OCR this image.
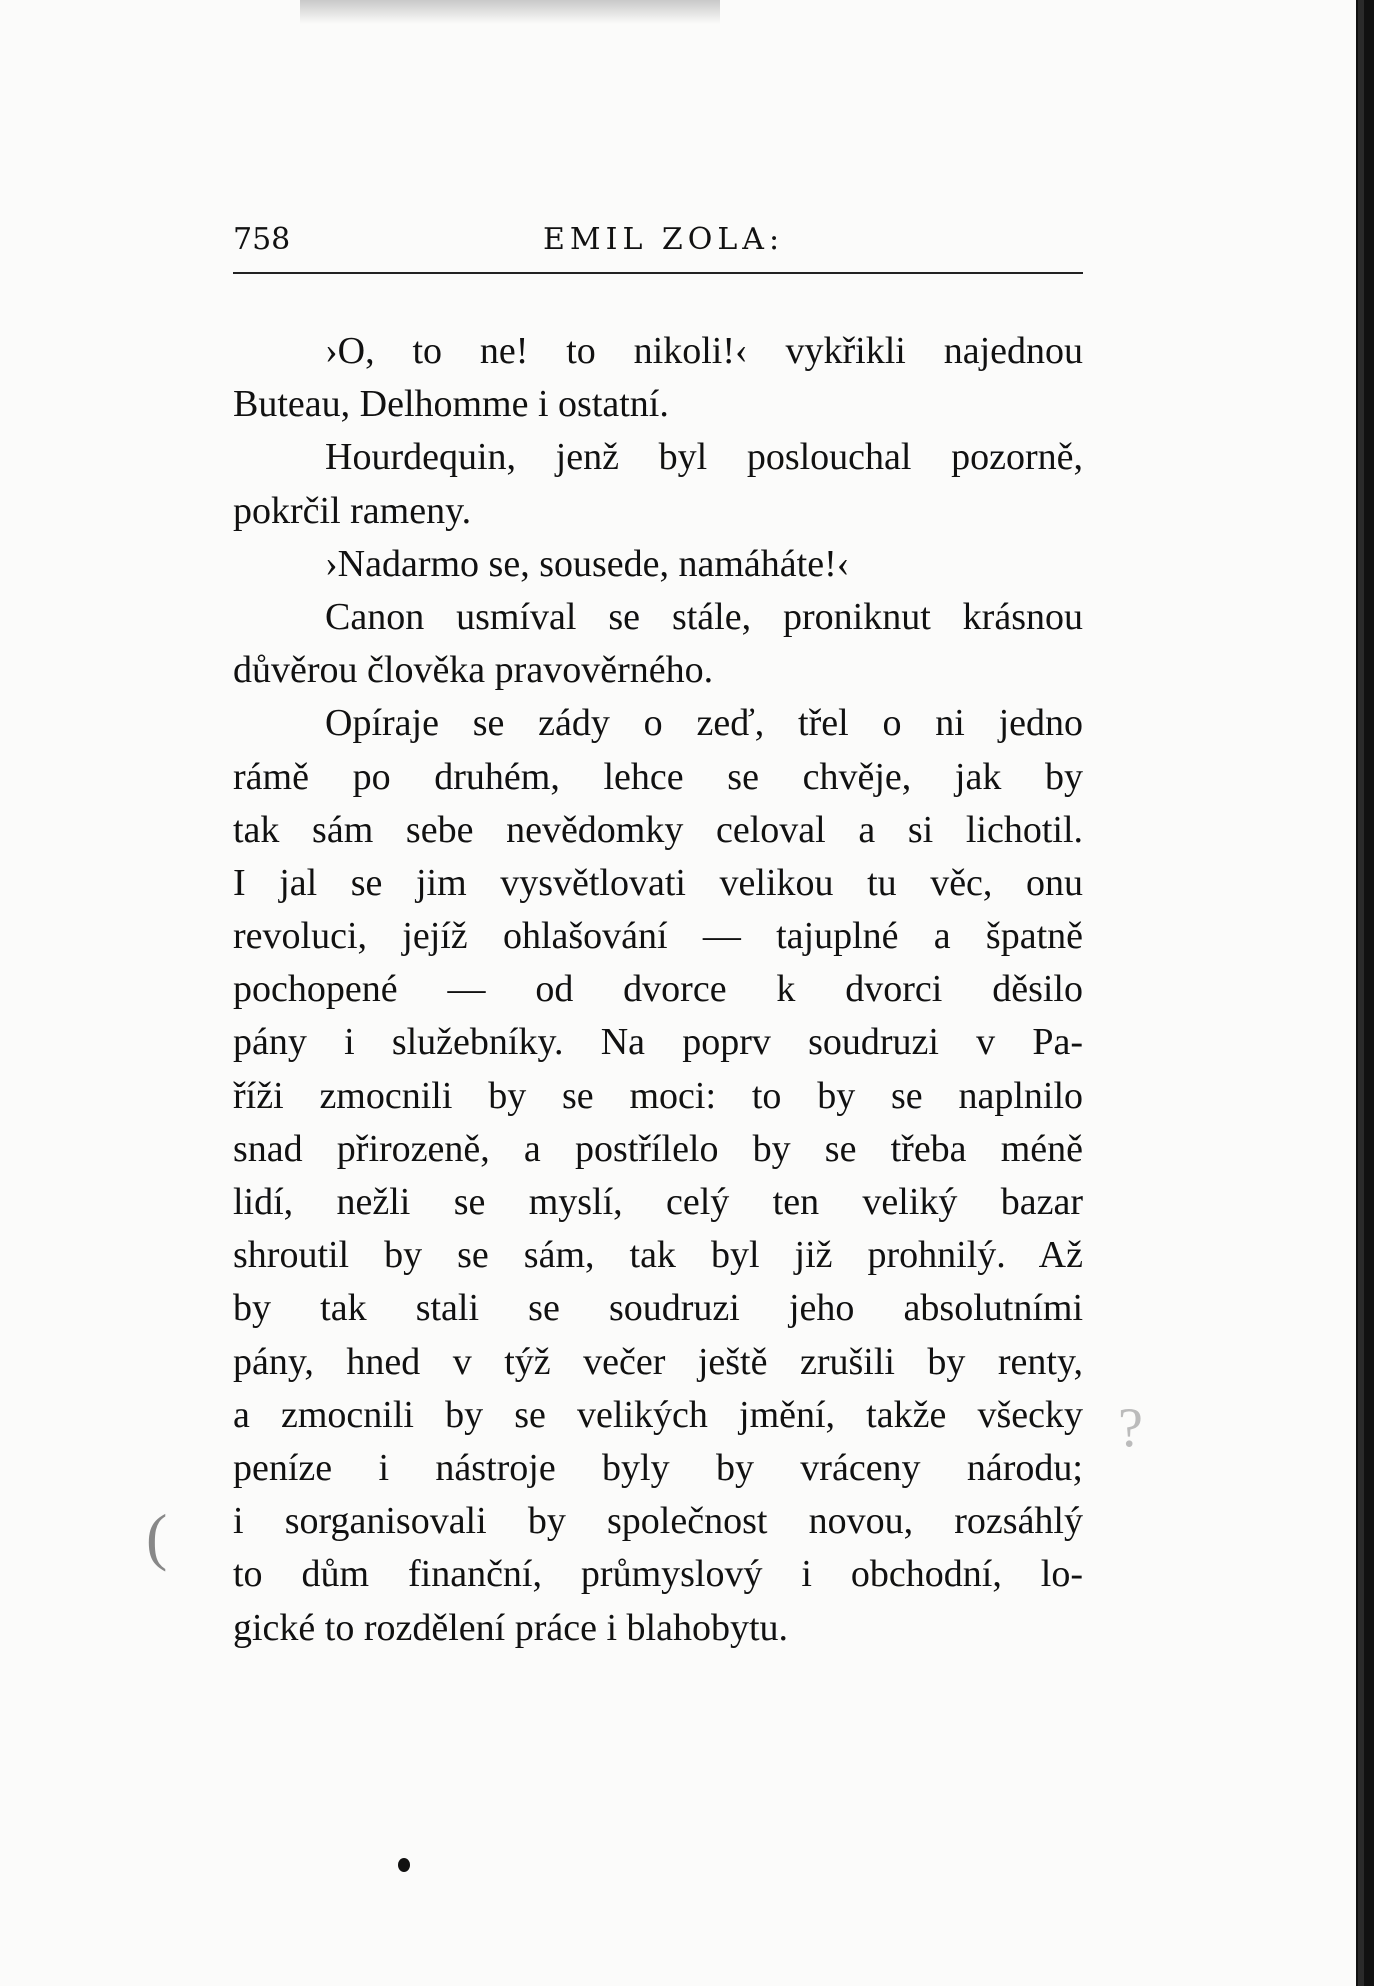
758	EMIL ZOLA:
›O, to ne! to nikoli!‹ vykřikli najednou
Buteau, Delhomme i ostatní.
Hourdequin, jenž byl poslouchal pozorně,
pokrčil rameny.
›Nadarmo se, sousede, namáháte!‹
Canon usmíval se stále, proniknut krásnou
důvěrou člověka pravověrného.
Opíraje se zády o zeď, třel o ni jedno
rámě po druhém, lehce se chvěje, jak by
tak sám sebe nevědomky celoval a si lichotil.
I jal se jim vysvětlovati velikou tu věc, onu
revoluci, jejíž ohlašování — tajuplné a špatně
pochopené — od dvorce k dvorci děsilo
pány i služebníky. Na poprv soudruzi v Pa-
říži zmocnili by se moci: to by se naplnilo
snad přirozeně, a postřílelo by se třeba méně
lidí, nežli se myslí, celý ten veliký bazar
shroutil by se sám, tak byl již prohnilý. Až
by tak stali se soudruzi jeho absolutními
pány, hned v týž večer ještě zrušili by renty,
a zmocnili by se velikých jmění, takže všecky
peníze i nástroje byly by vráceny národu;
i sorganisovali by společnost novou, rozsáhlý
to dům finanční, průmyslový i obchodní, lo-
gické to rozdělení práce i blahobytu.
(
?
